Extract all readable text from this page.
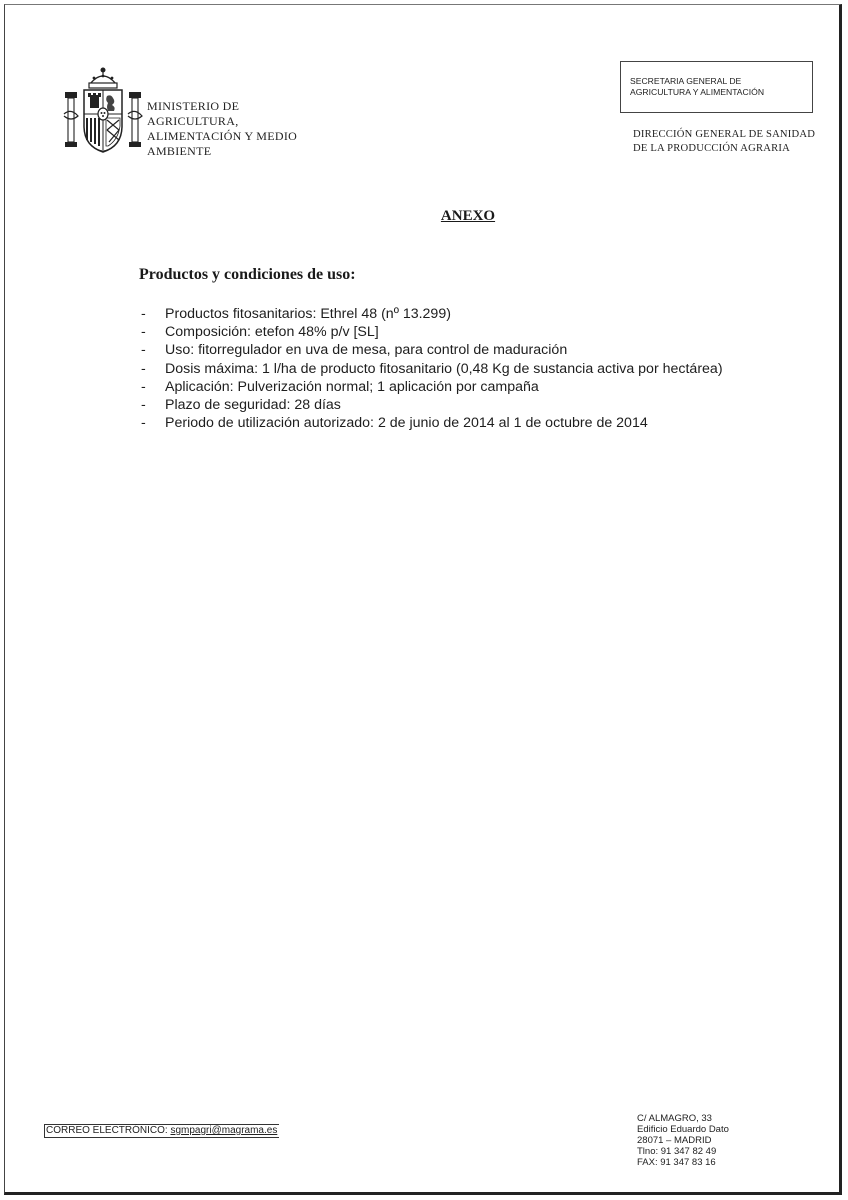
MINISTERIO DE
AGRICULTURA,
ALIMENTACIÓN Y MEDIO
AMBIENTE
SECRETARIA GENERAL DE
AGRICULTURA Y ALIMENTACIÓN
DIRECCIÓN GENERAL DE SANIDAD
DE LA PRODUCCIÓN AGRARIA
ANEXO
Productos y condiciones de uso:
- Productos fitosanitarios: Ethrel 48 (nº 13.299)
- Composición: etefon 48% p/v [SL]
- Uso: fitorregulador en uva de mesa, para control de maduración
- Dosis máxima: 1 l/ha de producto fitosanitario (0,48 Kg de sustancia activa por hectárea)
- Aplicación: Pulverización normal; 1 aplicación por campaña
- Plazo de seguridad: 28 días
- Periodo de utilización autorizado: 2 de junio de 2014 al 1 de octubre de 2014
CORREO ELECTRÓNICO: sgmpagri@magrama.es
C/ ALMAGRO, 33
Edificio Eduardo Dato
28071 – MADRID
Tlno: 91 347 82 49
FAX: 91 347 83 16
